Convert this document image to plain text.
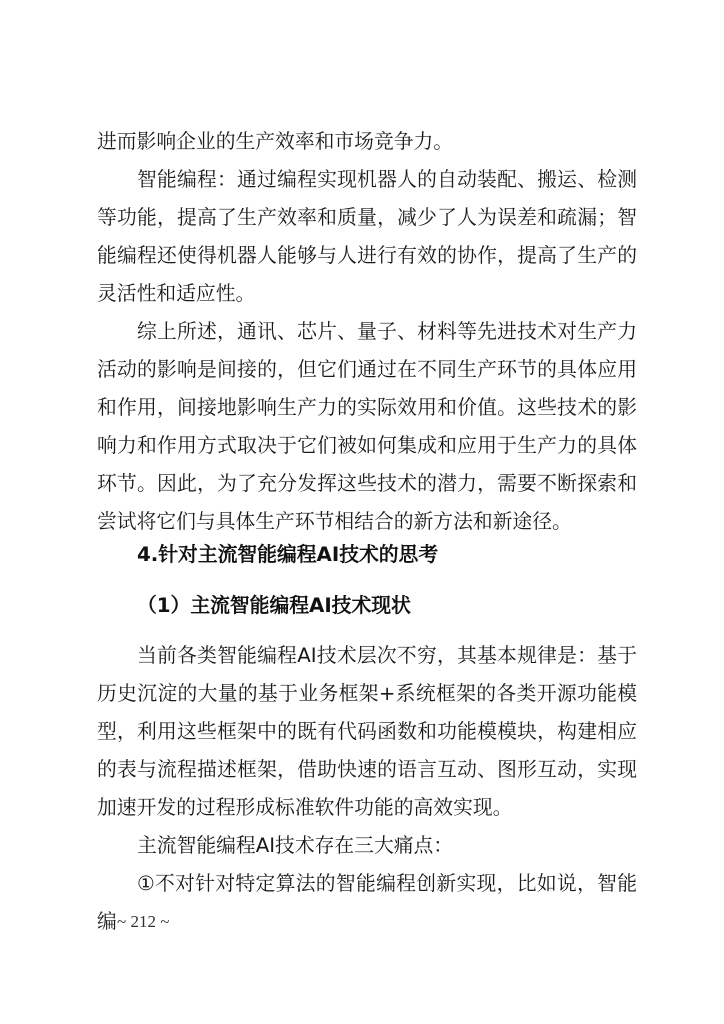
进而影响企业的生产效率和市场竞争力。
智能编程：通过编程实现机器人的自动装配、搬运、检测等功能，提高了生产效率和质量，减少了人为误差和疏漏；智能编程还使得机器人能够与人进行有效的协作，提高了生产的灵活性和适应性。
综上所述，通讯、芯片、量子、材料等先进技术对生产力活动的影响是间接的，但它们通过在不同生产环节的具体应用和作用，间接地影响生产力的实际效用和价值。这些技术的影响力和作用方式取决于它们被如何集成和应用于生产力的具体环节。因此，为了充分发挥这些技术的潜力，需要不断探索和尝试将它们与具体生产环节相结合的新方法和新途径。
4.针对主流智能编程AI技术的思考
（1）主流智能编程AI技术现状
当前各类智能编程AI技术层次不穷，其基本规律是：基于历史沉淀的大量的基于业务框架+系统框架的各类开源功能模型，利用这些框架中的既有代码函数和功能模模块，构建相应的表与流程描述框架，借助快速的语言互动、图形互动，实现加速开发的过程形成标准软件功能的高效实现。
主流智能编程AI技术存在三大痛点：
①不对针对特定算法的智能编程创新实现，比如说，智能编 ~ 212 ~
